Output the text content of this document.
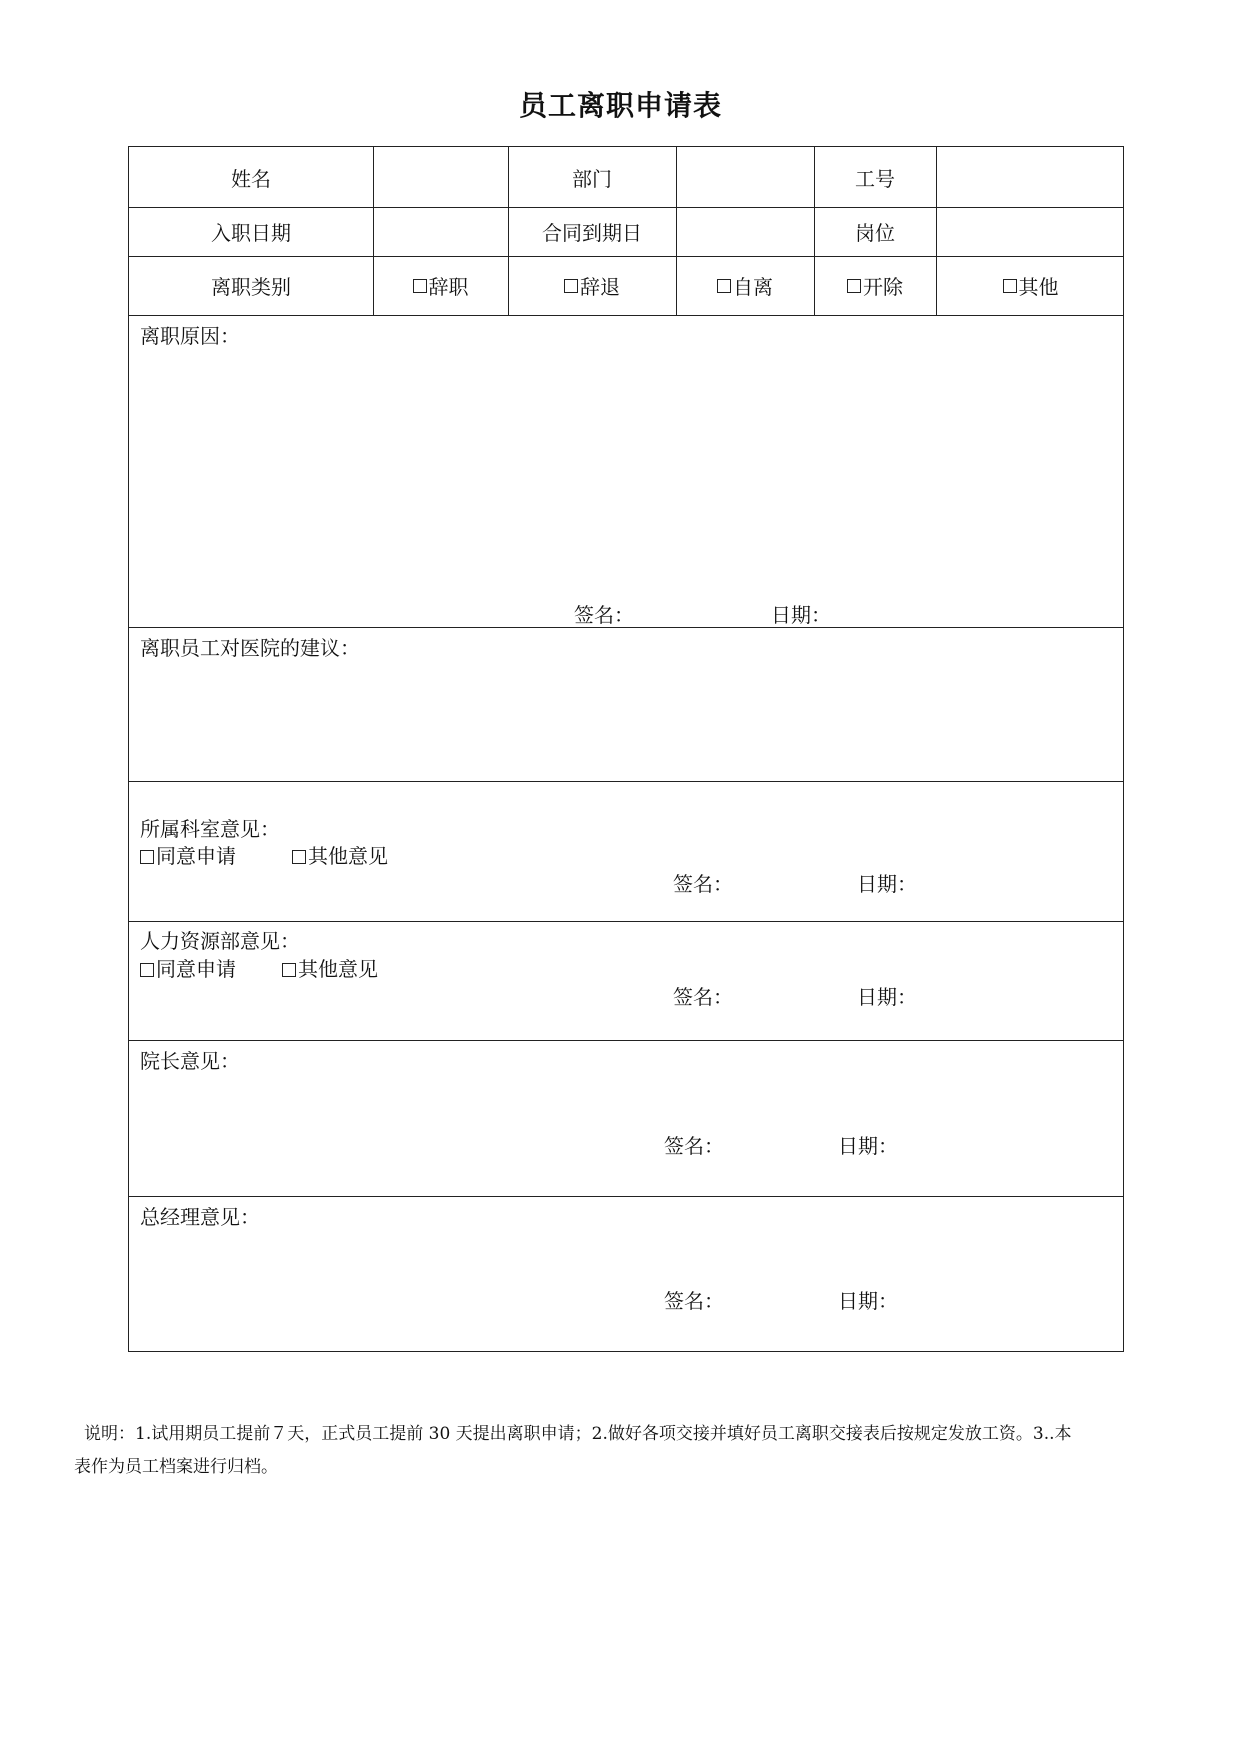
员工离职申请表
姓名	部门	工号
入职日期	合同到期日	岗位
离职类别	辞职	辞退	自离	开除	其他
离职原因：
签名：	日期：
离职员工对医院的建议：
所属科室意见：
同意申请	其他意见
签名：	日期：
人力资源部意见：
同意申请	其他意见
签名：	日期：
院长意见：
签名：	日期：
总经理意见：
签名：	日期：
说明：1.试用期员工提前７天，正式员工提前 30 天提出离职申请；2.做好各项交接并填好员工离职交接表后按规定发放工资。3..本
表作为员工档案进行归档。
